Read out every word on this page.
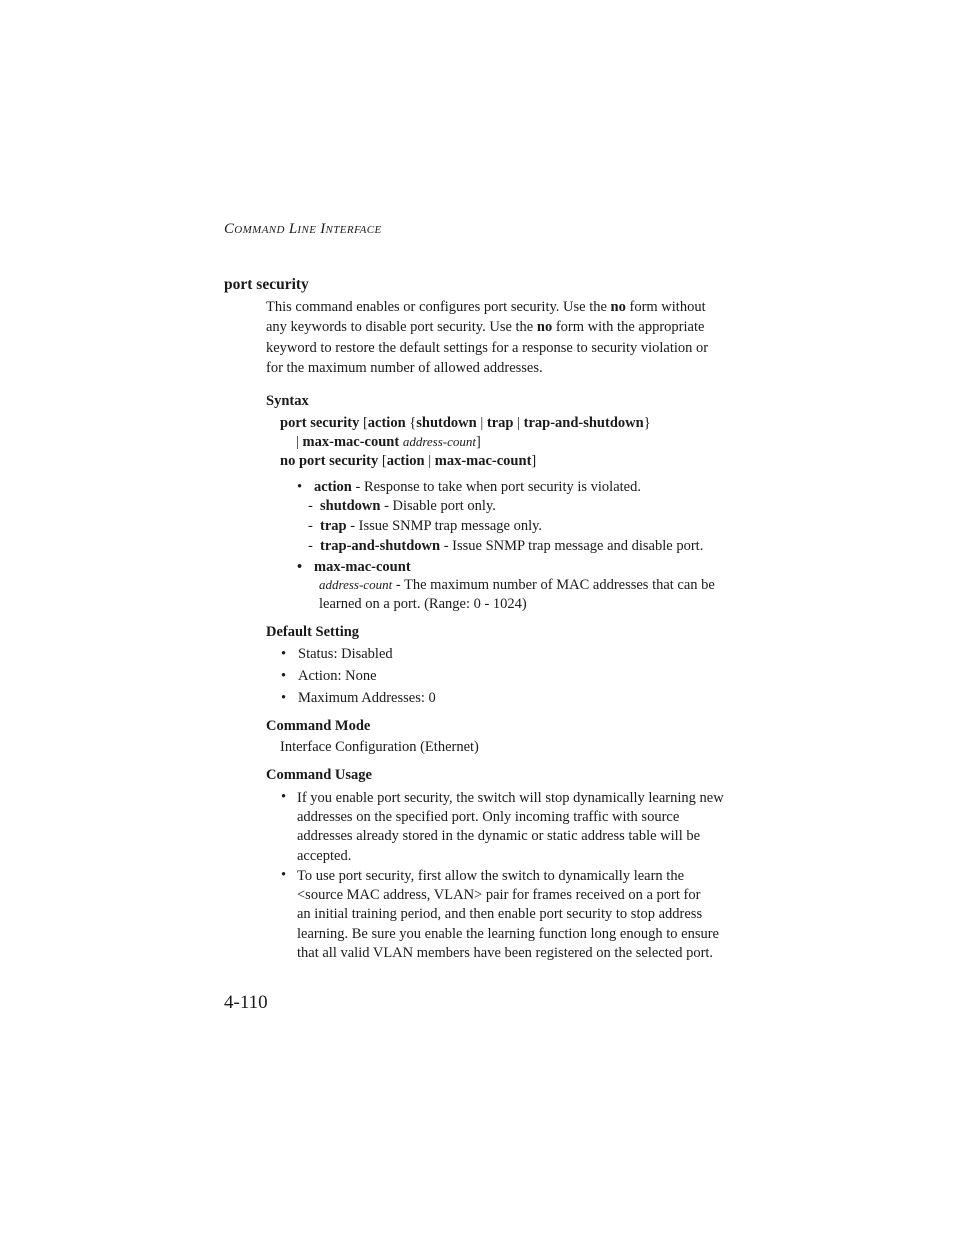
COMMAND LINE INTERFACE
port security
This command enables or configures port security. Use the no form without
any keywords to disable port security. Use the no form with the appropriate
keyword to restore the default settings for a response to security violation or
for the maximum number of allowed addresses.
Syntax
port security [action {shutdown | trap | trap-and-shutdown}
| max-mac-count address-count]
no port security [action | max-mac-count]
• action - Response to take when port security is violated.
- shutdown - Disable port only.
- trap - Issue SNMP trap message only.
- trap-and-shutdown - Issue SNMP trap message and disable port.
• max-mac-count
address-count - The maximum number of MAC addresses that can be
learned on a port. (Range: 0 - 1024)
Default Setting
• Status: Disabled
• Action: None
• Maximum Addresses: 0
Command Mode
Interface Configuration (Ethernet)
Command Usage
• If you enable port security, the switch will stop dynamically learning new
addresses on the specified port. Only incoming traffic with source
addresses already stored in the dynamic or static address table will be
accepted.
• To use port security, first allow the switch to dynamically learn the
<source MAC address, VLAN> pair for frames received on a port for
an initial training period, and then enable port security to stop address
learning. Be sure you enable the learning function long enough to ensure
that all valid VLAN members have been registered on the selected port.
4-110
